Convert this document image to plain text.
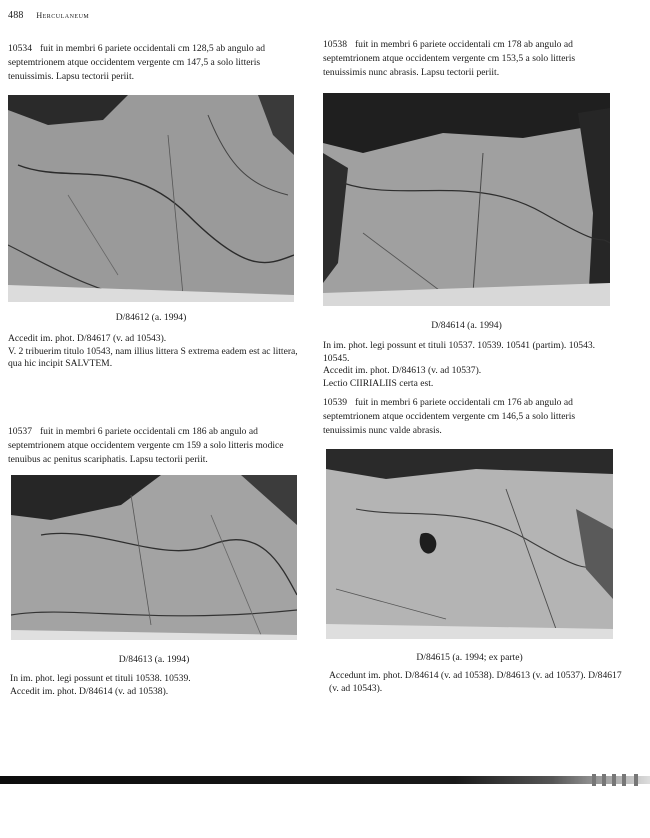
488 Herculaneum
10534 fuit in membri 6 pariete occidentali cm 128,5 ab angulo ad septemtrionem atque occidentem vergente cm 147,5 a solo litteris tenuissimis. Lapsu tectorii periit.
D/84612 (a. 1994)
Accedit im. phot. D/84617 (v. ad 10543).
V. 2 tribuerim titulo 10543, nam illius littera S extrema eadem est ac littera,
qua hic incipit SALVTEM.
10537 fuit in membri 6 pariete occidentali cm 186 ab angulo ad septemtrionem atque occidentem vergente cm 159 a solo litteris modice tenuibus ac penitus scariphatis. Lapsu tectorii periit.
D/84613 (a. 1994)
In im. phot. legi possunt et tituli 10538. 10539.
Accedit im. phot. D/84614 (v. ad 10538).
10538 fuit in membri 6 pariete occidentali cm 178 ab angulo ad septemtrionem atque occidentem vergente cm 153,5 a solo litteris tenuissimis nunc abrasis. Lapsu tectorii periit.
D/84614 (a. 1994)
In im. phot. legi possunt et tituli 10537. 10539. 10541 (partim). 10543.
10545.
Accedit im. phot. D/84613 (v. ad 10537).
Lectio CIIRIALIIS certa est.
10539 fuit in membri 6 pariete occidentali cm 176 ab angulo ad septemtrionem atque occidentem vergente cm 146,5 a solo litteris tenuissimis nunc valde abrasis.
D/84615 (a. 1994; ex parte)
Accedunt im. phot. D/84614 (v. ad 10538). D/84613 (v. ad 10537). D/84617
(v. ad 10543).
